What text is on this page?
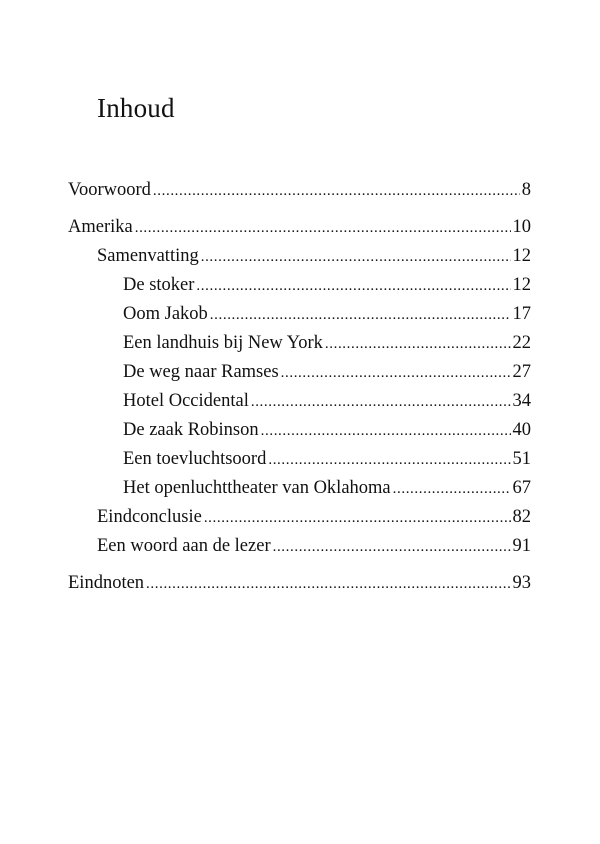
Inhoud
Voorwoord .....	8
Amerika .....	10
Samenvatting .....	12
De stoker .....	12
Oom Jakob .....	17
Een landhuis bij New York .....	22
De weg naar Ramses .....	27
Hotel Occidental .....	34
De zaak Robinson .....	40
Een toevluchtsoord .....	51
Het openluchttheater van Oklahoma .....	67
Eindconclusie .....	82
Een woord aan de lezer .....	91
Eindnoten .....	93
